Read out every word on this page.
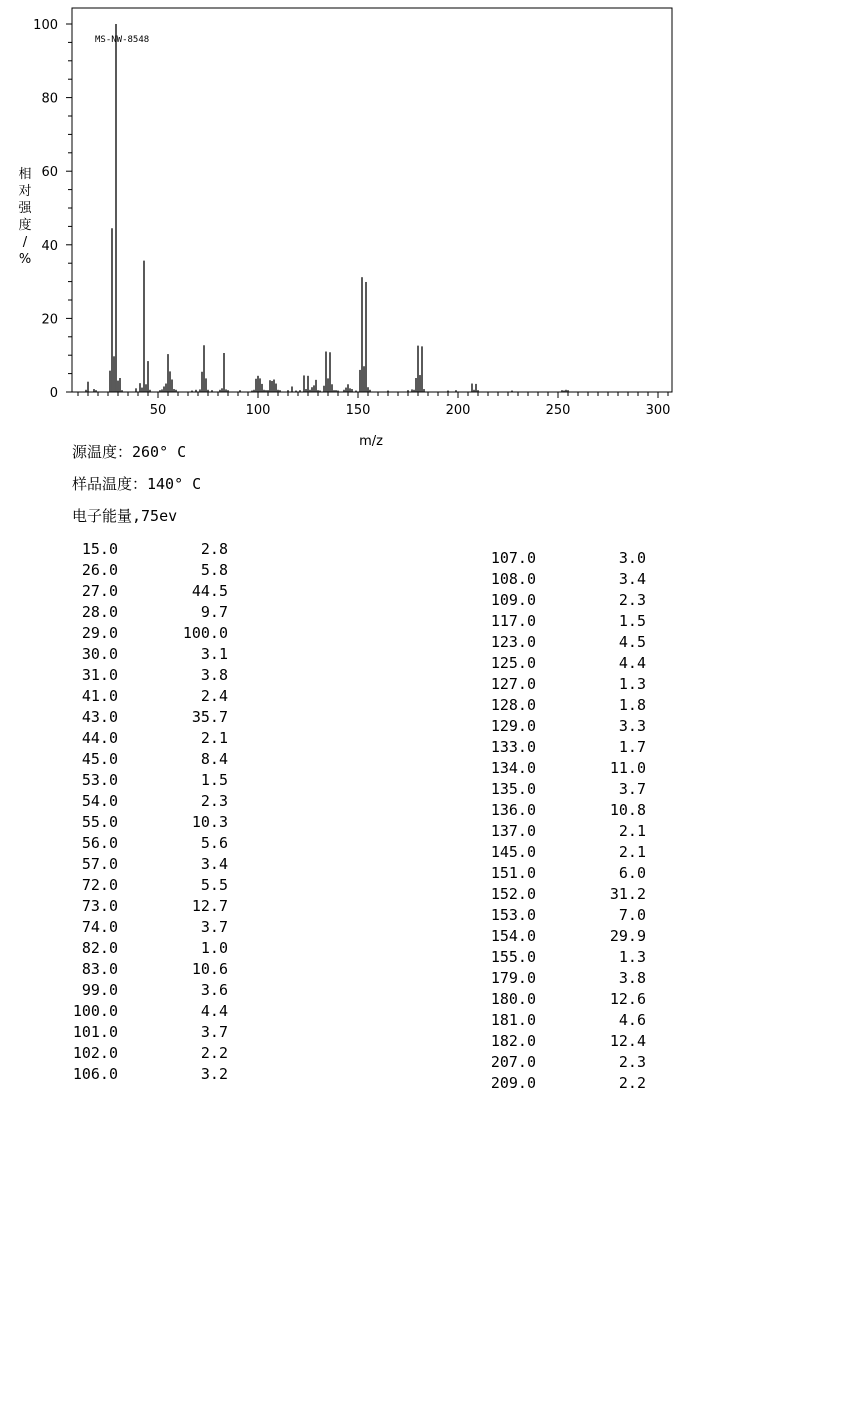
50	100	150	200	250	300
0
20
40
60
80
100
MS-NW-8548
相对强度/ %
m/z
源温度：260° C
样品温度：140° C
电子能量,75ev
15.0	2.8
26.0	5.8
27.0	44.5
28.0	9.7
29.0	100.0
30.0	3.1
31.0	3.8
41.0	2.4
43.0	35.7
44.0	2.1
45.0	8.4
53.0	1.5
54.0	2.3
55.0	10.3
56.0	5.6
57.0	3.4
72.0	5.5
73.0	12.7
74.0	3.7
82.0	1.0
83.0	10.6
99.0	3.6
100.0	4.4
101.0	3.7
102.0	2.2
106.0	3.2
107.0	3.0
108.0	3.4
109.0	2.3
117.0	1.5
123.0	4.5
125.0	4.4
127.0	1.3
128.0	1.8
129.0	3.3
133.0	1.7
134.0	11.0
135.0	3.7
136.0	10.8
137.0	2.1
145.0	2.1
151.0	6.0
152.0	31.2
153.0	7.0
154.0	29.9
155.0	1.3
179.0	3.8
180.0	12.6
181.0	4.6
182.0	12.4
207.0	2.3
209.0	2.2
